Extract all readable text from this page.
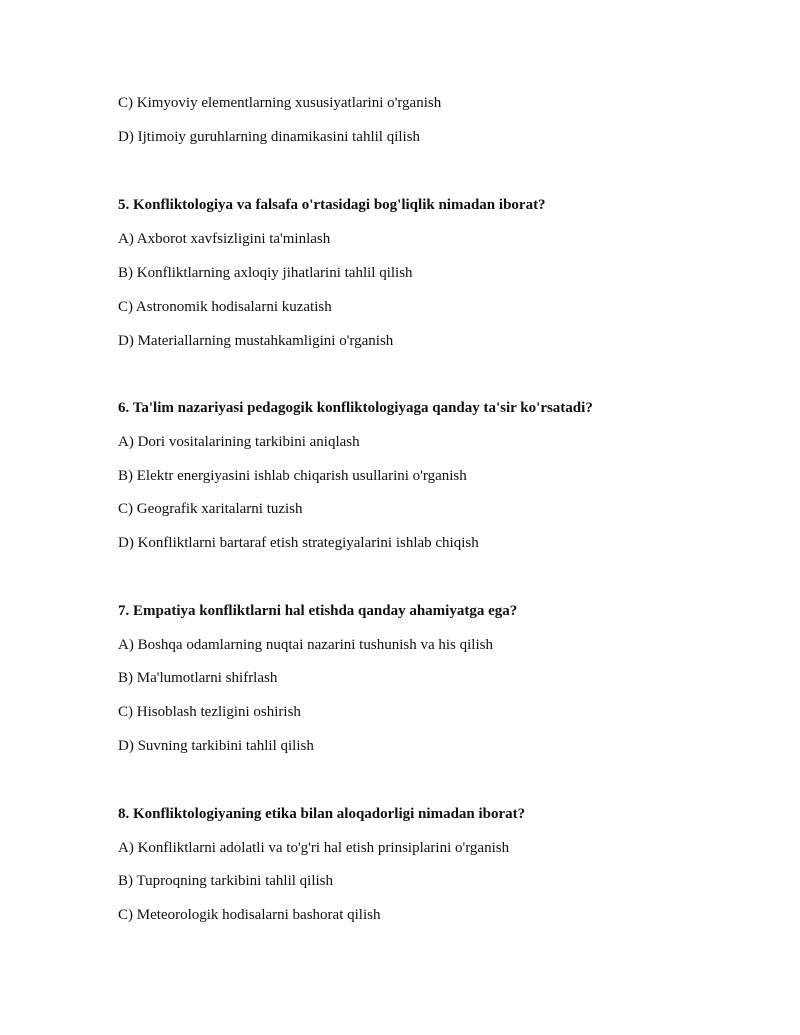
C) Kimyoviy elementlarning xususiyatlarini o'rganish
D) Ijtimoiy guruhlarning dinamikasini tahlil qilish
5. Konfliktologiya va falsafa o'rtasidagi bog'liqlik nimadan iborat?
A) Axborot xavfsizligini ta'minlash
B) Konfliktlarning axloqiy jihatlarini tahlil qilish
C) Astronomik hodisalarni kuzatish
D) Materiallarning mustahkamligini o'rganish
6. Ta'lim nazariyasi pedagogik konfliktologiyaga qanday ta'sir ko'rsatadi?
A) Dori vositalarining tarkibini aniqlash
B) Elektr energiyasini ishlab chiqarish usullarini o'rganish
C) Geografik xaritalarni tuzish
D) Konfliktlarni bartaraf etish strategiyalarini ishlab chiqish
7. Empatiya konfliktlarni hal etishda qanday ahamiyatga ega?
A) Boshqa odamlarning nuqtai nazarini tushunish va his qilish
B) Ma'lumotlarni shifrlash
C) Hisoblash tezligini oshirish
D) Suvning tarkibini tahlil qilish
8. Konfliktologiyaning etika bilan aloqadorligi nimadan iborat?
A) Konfliktlarni adolatli va to'g'ri hal etish prinsiplarini o'rganish
B) Tuproqning tarkibini tahlil qilish
C) Meteorologik hodisalarni bashorat qilish
